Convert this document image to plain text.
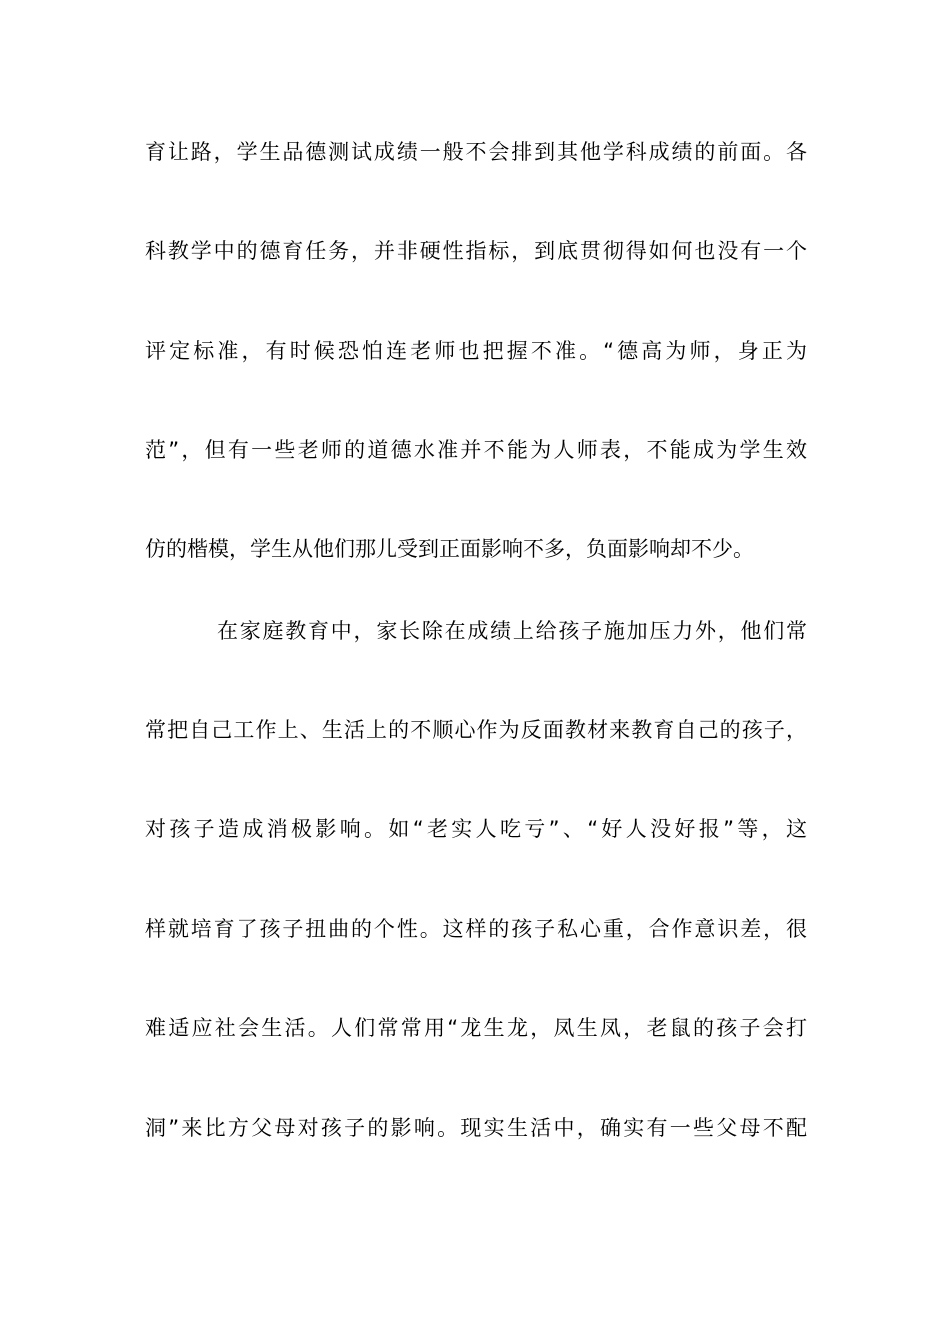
育让路，学生品德测试成绩一般不会排到其他学科成绩的前面。各
科教学中的德育任务，并非硬性指标，到底贯彻得如何也没有一个
评定标准，有时候恐怕连老师也把握不准。“德高为师，身正为
范”，但有一些老师的道德水准并不能为人师表，不能成为学生效
仿的楷模，学生从他们那儿受到正面影响不多，负面影响却不少。
在家庭教育中，家长除在成绩上给孩子施加压力外，他们常
常把自己工作上、生活上的不顺心作为反面教材来教育自己的孩子，
对孩子造成消极影响。如“老实人吃亏”、“好人没好报”等，这
样就培育了孩子扭曲的个性。这样的孩子私心重，合作意识差，很
难适应社会生活。人们常常用“龙生龙，凤生凤，老鼠的孩子会打
洞”来比方父母对孩子的影响。现实生活中，确实有一些父母不配
